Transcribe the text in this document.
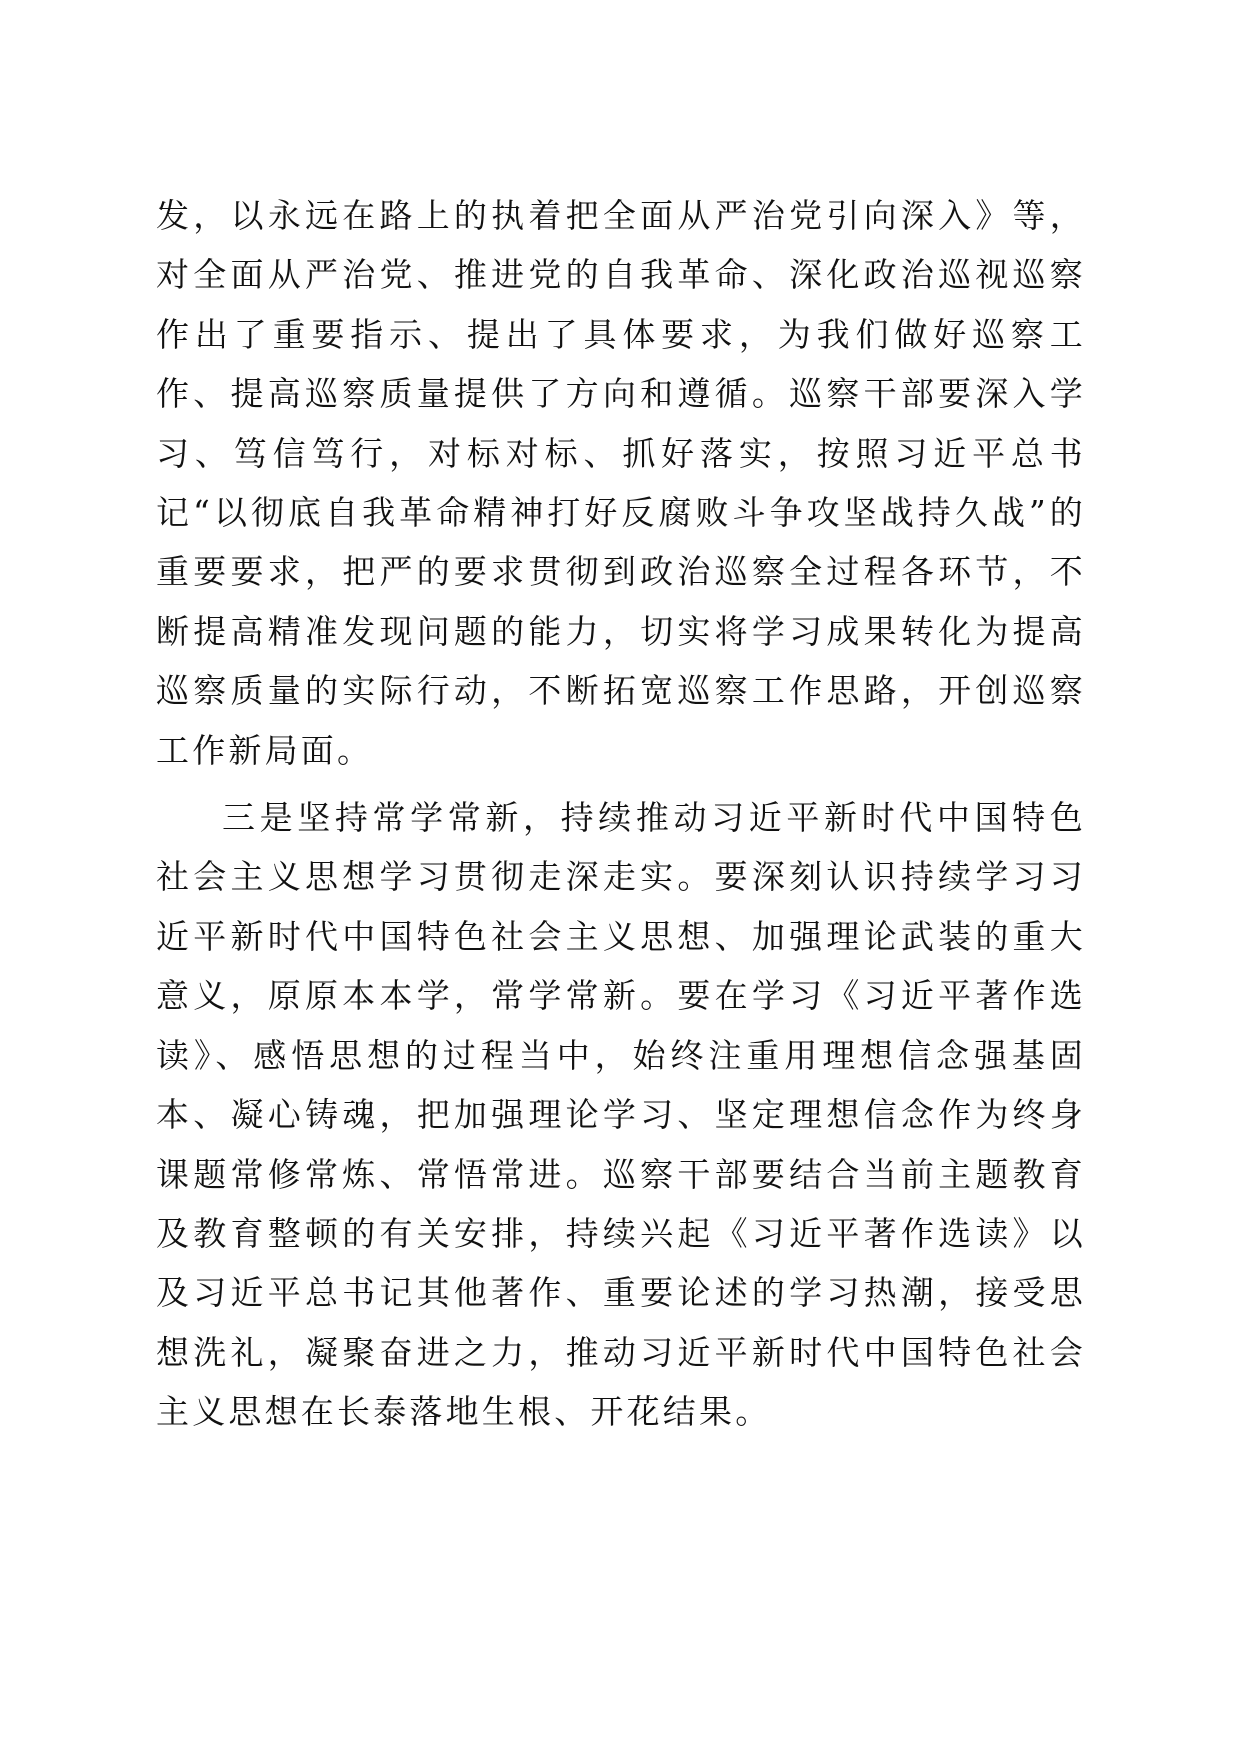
发，以永远在路上的执着把全面从严治党引向深入》等，对全面从严治党、推进党的自我革命、深化政治巡视巡察作出了重要指示、提出了具体要求，为我们做好巡察工作、提高巡察质量提供了方向和遵循。巡察干部要深入学习、笃信笃行，对标对标、抓好落实，按照习近平总书记“以彻底自我革命精神打好反腐败斗争攻坚战持久战”的重要要求，把严的要求贯彻到政治巡察全过程各环节，不断提高精准发现问题的能力，切实将学习成果转化为提高巡察质量的实际行动，不断拓宽巡察工作思路，开创巡察工作新局面。

三是坚持常学常新，持续推动习近平新时代中国特色社会主义思想学习贯彻走深走实。要深刻认识持续学习习近平新时代中国特色社会主义思想、加强理论武装的重大意义，原原本本学，常学常新。要在学习《习近平著作选读》、感悟思想的过程当中，始终注重用理想信念强基固本、凝心铸魂，把加强理论学习、坚定理想信念作为终身课题常修常炼、常悟常进。巡察干部要结合当前主题教育及教育整顿的有关安排，持续兴起《习近平著作选读》以及习近平总书记其他著作、重要论述的学习热潮，接受思想洗礼，凝聚奋进之力，推动习近平新时代中国特色社会主义思想在长泰落地生根、开花结果。
